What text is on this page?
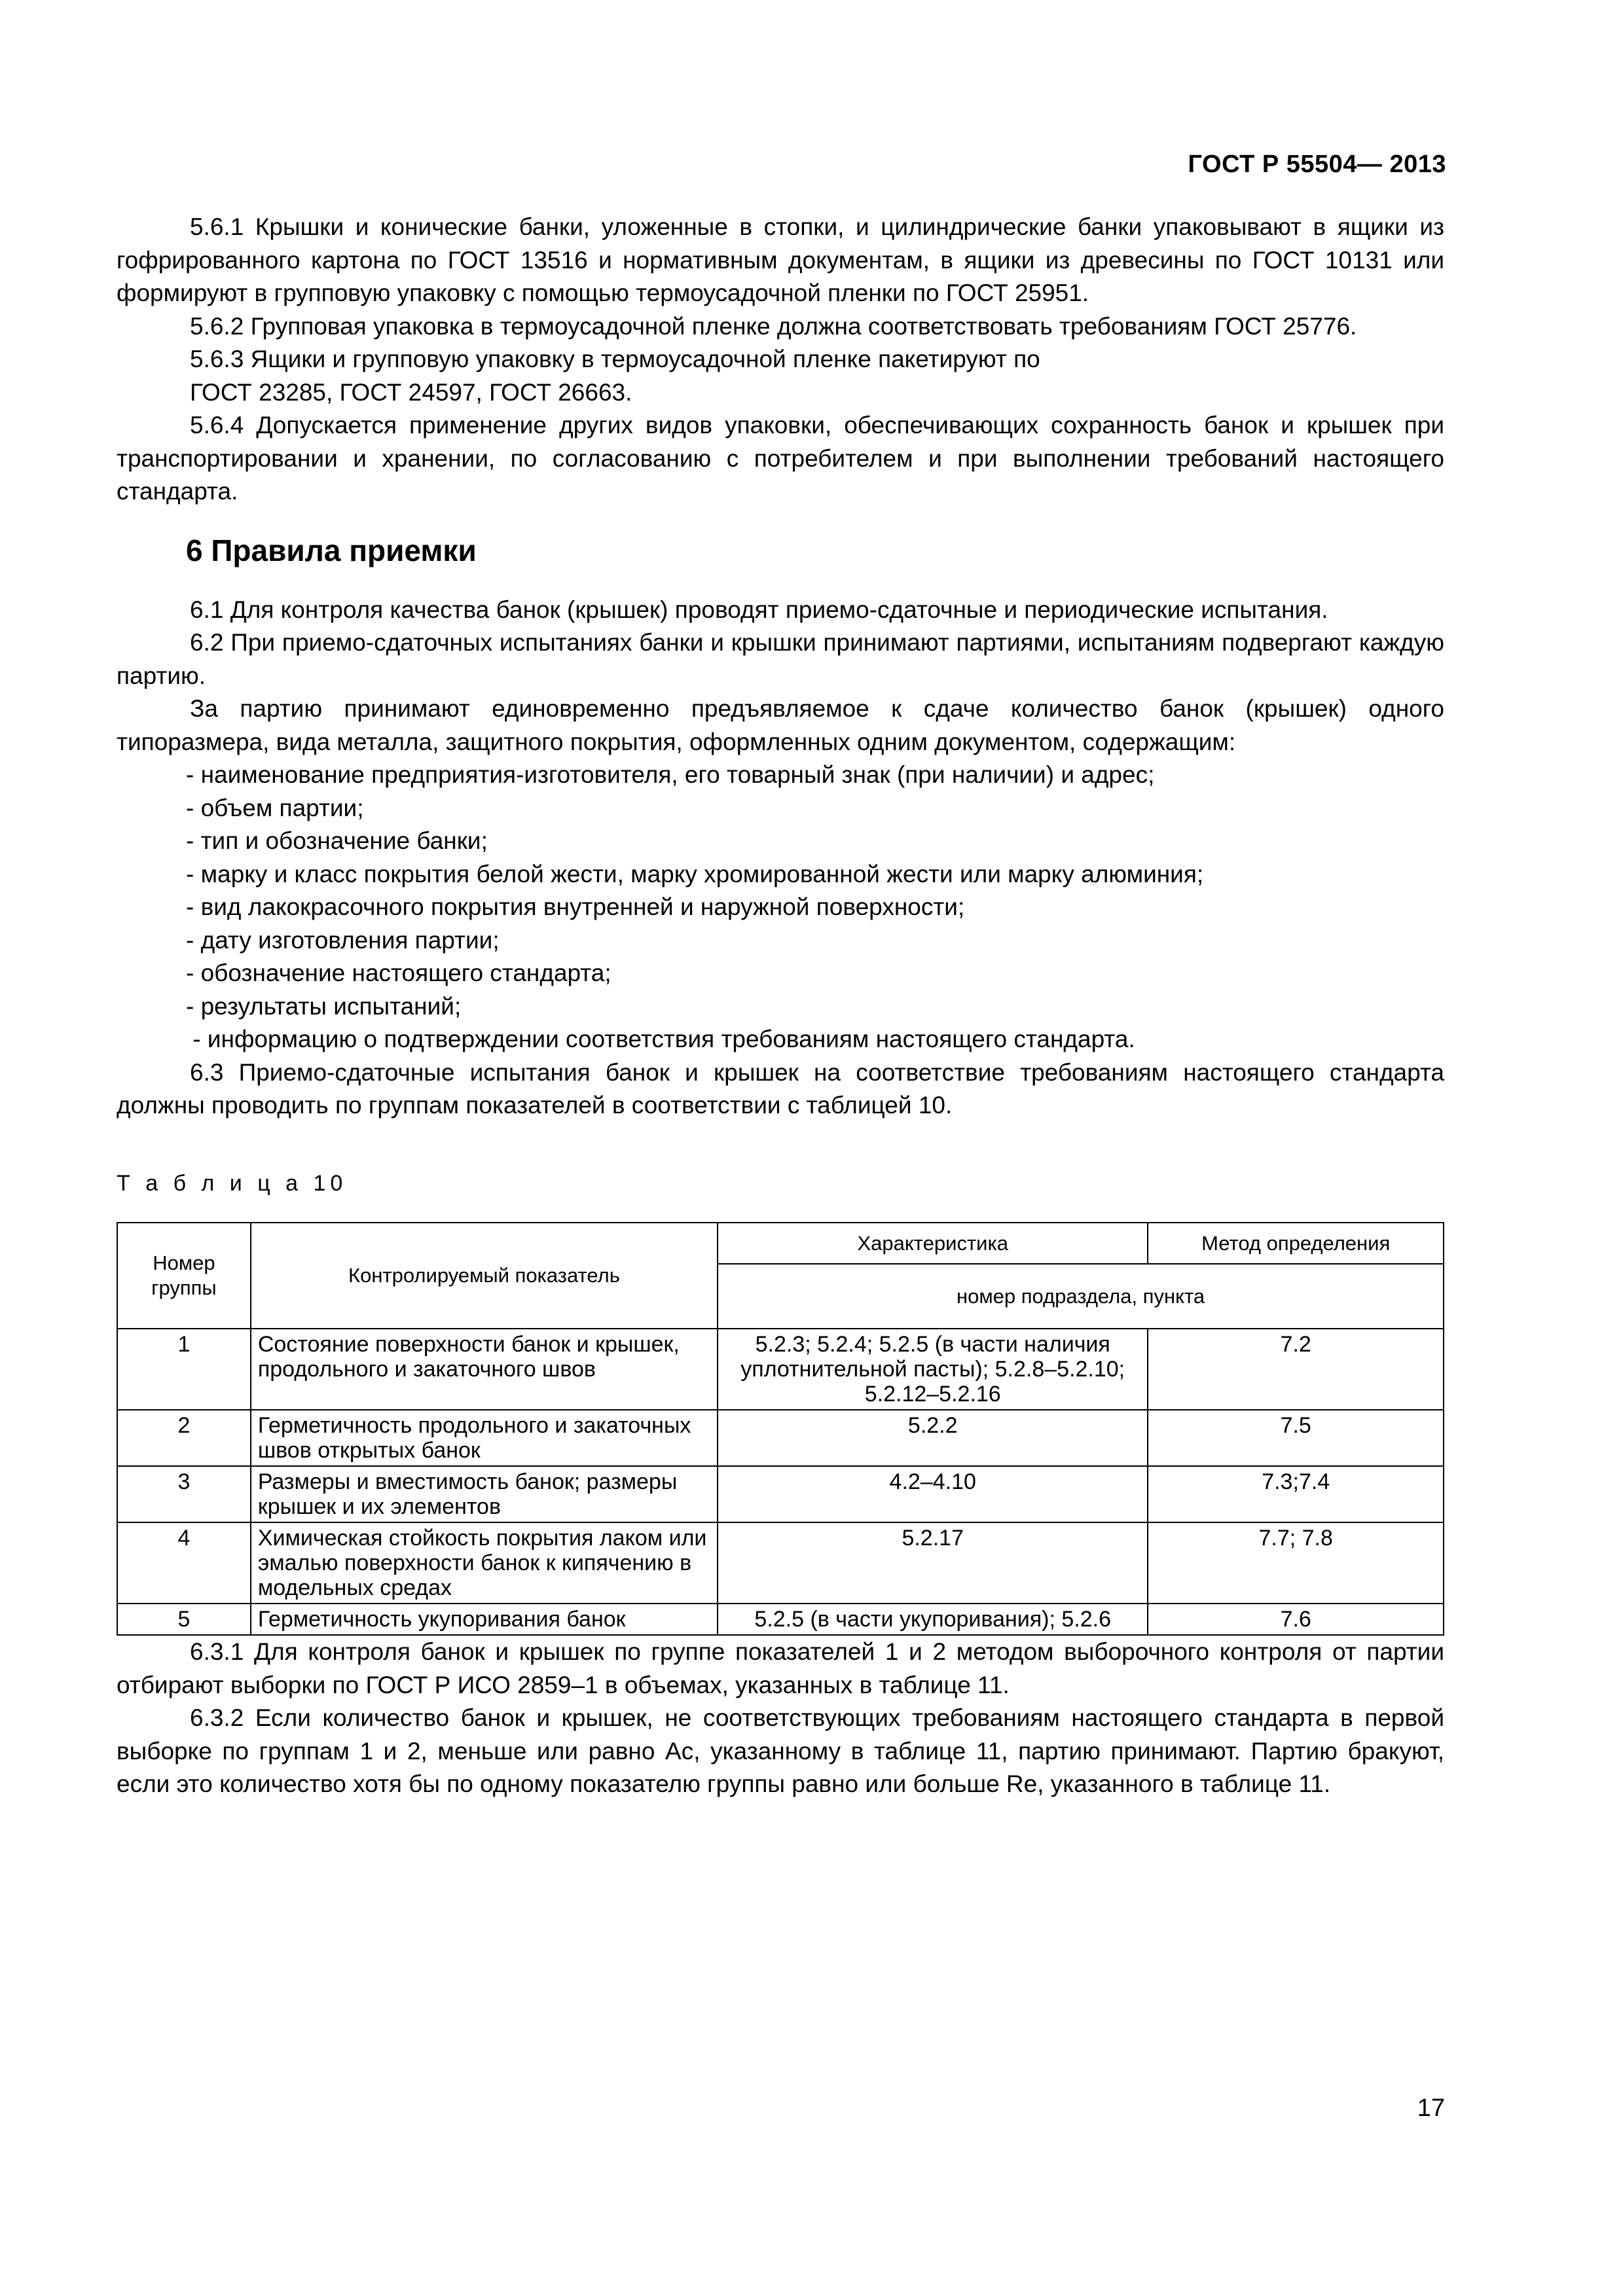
ГОСТ Р 55504— 2013

5.6.1 Крышки и конические банки, уложенные в стопки, и цилиндрические банки упаковывают в ящики из гофрированного картона по ГОСТ 13516 и нормативным документам, в ящики из древесины по ГОСТ 10131 или формируют в групповую упаковку с помощью термоусадочной пленки по ГОСТ 25951.

5.6.2 Групповая упаковка в термоусадочной пленке должна соответствовать требованиям ГОСТ 25776.

5.6.3 Ящики и групповую упаковку в термоусадочной пленке пакетируют по

ГОСТ 23285, ГОСТ 24597, ГОСТ 26663.

5.6.4 Допускается применение других видов упаковки, обеспечивающих сохранность банок и крышек при транспортировании и хранении, по согласованию с потребителем и при выполнении требований настоящего стандарта.

6 Правила приемки

6.1 Для контроля качества банок (крышек) проводят приемо-сдаточные и периодические испытания.

6.2 При приемо-сдаточных испытаниях банки и крышки принимают партиями, испытаниям подвергают каждую партию.

За партию принимают единовременно предъявляемое к сдаче количество банок (крышек) одного типоразмера, вида металла, защитного покрытия, оформленных одним документом, содержащим:

- наименование предприятия-изготовителя, его товарный знак (при наличии) и адрес;

- объем партии;

- тип и обозначение банки;

- марку и класс покрытия белой жести, марку хромированной жести или марку алюминия;

- вид лакокрасочного покрытия внутренней и наружной поверхности;

- дату изготовления партии;

- обозначение настоящего стандарта;

- результаты испытаний;

- информацию о подтверждении соответствия требованиям настоящего стандарта.

6.3 Приемо-сдаточные испытания банок и крышек на соответствие требованиям настоящего стандарта должны проводить по группам показателей в соответствии с таблицей 10.

Т а б л и ц а 10
Номер группы	Контролируемый показатель	Характеристика	Метод определения
		номер подраздела, пункта	
1	Состояние поверхности банок и крышек, продольного и закаточного швов	5.2.3; 5.2.4; 5.2.5 (в части наличия уплотнительной пасты); 5.2.8–5.2.10; 5.2.12–5.2.16	7.2
2	Герметичность продольного и закаточных швов открытых банок	5.2.2	7.5
3	Размеры и вместимость банок; размеры крышек и их элементов	4.2–4.10	7.3;7.4
4	Химическая стойкость покрытия лаком или эмалью поверхности банок к кипячению в модельных средах	5.2.17	7.7; 7.8
5	Герметичность укупоривания банок	5.2.5 (в части укупоривания); 5.2.6	7.6

6.3.1 Для контроля банок и крышек по группе показателей 1 и 2 методом выборочного контроля от партии отбирают выборки по ГОСТ Р ИСО 2859–1 в объемах, указанных в таблице 11.

6.3.2 Если количество банок и крышек, не соответствующих требованиям настоящего стандарта в первой выборке по группам 1 и 2, меньше или равно Ac, указанному в таблице 11, партию принимают. Партию бракуют, если это количество хотя бы по одному показателю группы равно или больше Re, указанного в таблице 11.

17
